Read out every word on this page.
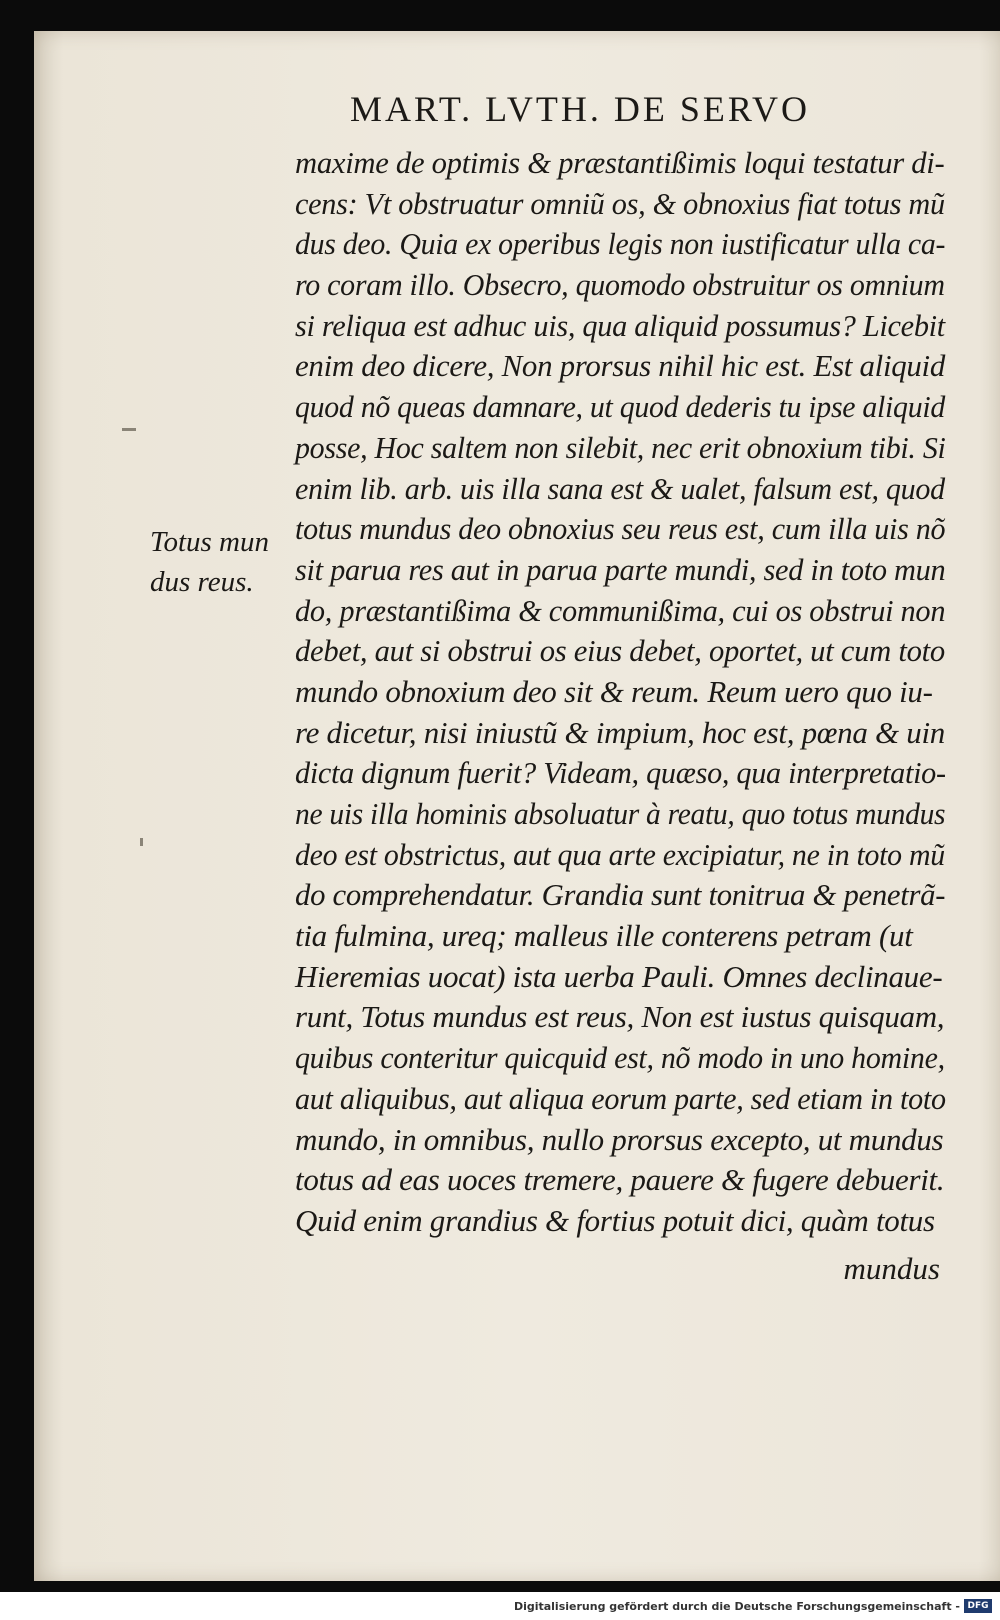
MART. LVTH. DE SERVO
Totus mun
dus reus.
maxime de optimis & præstantißimis loqui testatur di-
cens: Vt obstruatur omniũ os, & obnoxius fiat totus mũ
dus deo. Quia ex operibus legis non iustificatur ulla ca-
ro coram illo. Obsecro, quomodo obstruitur os omnium
si reliqua est adhuc uis, qua aliquid possumus? Licebit
enim deo dicere, Non prorsus nihil hic est. Est aliquid
quod nõ queas damnare, ut quod dederis tu ipse aliquid
posse, Hoc saltem non silebit, nec erit obnoxium tibi. Si
enim lib. arb. uis illa sana est & ualet, falsum est, quod
totus mundus deo obnoxius seu reus est, cum illa uis nõ
sit parua res aut in parua parte mundi, sed in toto mun
do, præstantißima & communißima, cui os obstrui non
debet, aut si obstrui os eius debet, oportet, ut cum toto
mundo obnoxium deo sit & reum. Reum uero quo iu-
re dicetur, nisi iniustũ & impium, hoc est, pœna & uin
dicta dignum fuerit? Videam, quæso, qua interpretatio-
ne uis illa hominis absoluatur à reatu, quo totus mundus
deo est obstrictus, aut qua arte excipiatur, ne in toto mũ
do comprehendatur. Grandia sunt tonitrua & penetrã-
tia fulmina, ureq; malleus ille conterens petram (ut
Hieremias uocat) ista uerba Pauli. Omnes declinaue-
runt, Totus mundus est reus, Non est iustus quisquam,
quibus conteritur quicquid est, nõ modo in uno homine,
aut aliquibus, aut aliqua eorum parte, sed etiam in toto
mundo, in omnibus, nullo prorsus excepto, ut mundus
totus ad eas uoces tremere, pauere & fugere debuerit.
Quid enim grandius & fortius potuit dici, quàm totus
mundus
Digitalisierung gefördert durch die Deutsche Forschungsgemeinschaft - DFG
